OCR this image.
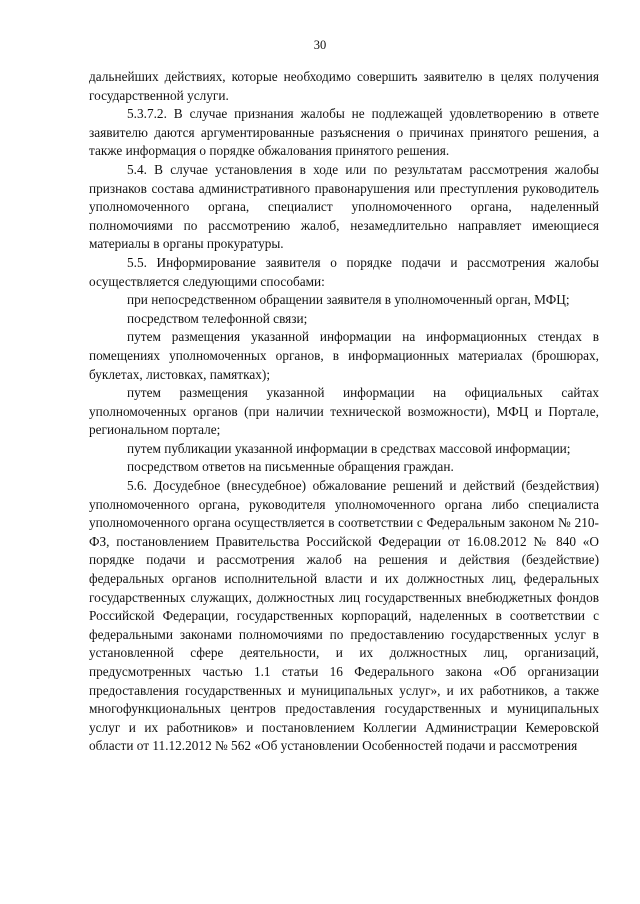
30

дальнейших действиях, которые необходимо совершить заявителю в целях получения государственной услуги.

5.3.7.2. В случае признания жалобы не подлежащей удовлетворению в ответе заявителю даются аргументированные разъяснения о причинах принятого решения, а также информация о порядке обжалования принятого решения.

5.4. В случае установления в ходе или по результатам рассмотрения жалобы признаков состава административного правонарушения или преступления руководитель уполномоченного органа, специалист уполномоченного органа, наделенный полномочиями по рассмотрению жалоб, незамедлительно направляет имеющиеся материалы в органы прокуратуры.

5.5. Информирование заявителя о порядке подачи и рассмотрения жалобы осуществляется следующими способами:

при непосредственном обращении заявителя в уполномоченный орган, МФЦ;

посредством телефонной связи;

путем размещения указанной информации на информационных стендах в помещениях уполномоченных органов, в информационных материалах (брошюрах, буклетах, листовках, памятках);

путем размещения указанной информации на официальных сайтах уполномоченных органов (при наличии технической возможности), МФЦ и Портале, региональном портале;

путем публикации указанной информации в средствах массовой информации;

посредством ответов на письменные обращения граждан.

5.6. Досудебное (внесудебное) обжалование решений и действий (бездействия) уполномоченного органа, руководителя уполномоченного органа либо специалиста уполномоченного органа осуществляется в соответствии с Федеральным законом № 210-ФЗ, постановлением Правительства Российской Федерации от 16.08.2012 № 840 «О порядке подачи и рассмотрения жалоб на решения и действия (бездействие) федеральных органов исполнительной власти и их должностных лиц, федеральных государственных служащих, должностных лиц государственных внебюджетных фондов Российской Федерации, государственных корпораций, наделенных в соответствии с федеральными законами полномочиями по предоставлению государственных услуг в установленной сфере деятельности, и их должностных лиц, организаций, предусмотренных частью 1.1 статьи 16 Федерального закона «Об организации предоставления государственных и муниципальных услуг», и их работников, а также многофункциональных центров предоставления государственных и муниципальных услуг и их работников» и постановлением Коллегии Администрации Кемеровской области от 11.12.2012 № 562 «Об установлении Особенностей подачи и рассмотрения
